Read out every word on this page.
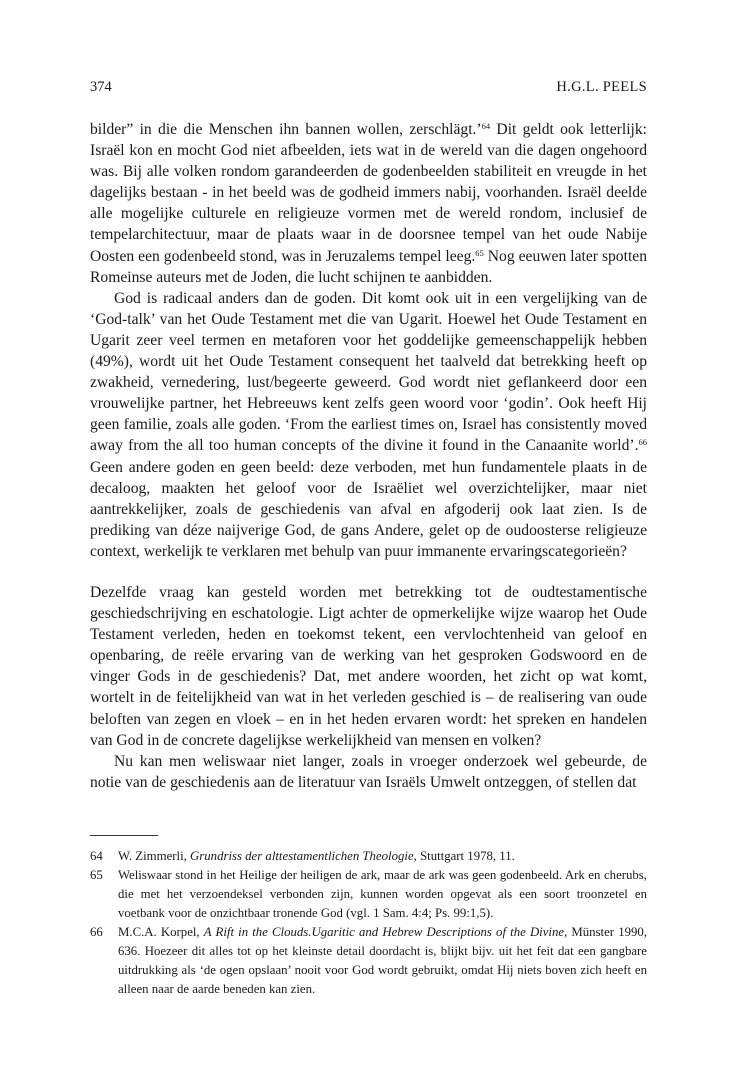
374	H.G.L. PEELS

bilder” in die die Menschen ihn bannen wollen, zerschlägt.’$^{64}$ Dit geldt ook letterlijk: Israël kon en mocht God niet afbeelden, iets wat in de wereld van die dagen ongehoord was. Bij alle volken rondom garandeerden de godenbeelden stabiliteit en vreugde in het dagelijks bestaan - in het beeld was de godheid immers nabij, voorhanden. Israël deelde alle mogelijke culturele en religieuze vormen met de wereld rondom, inclusief de tempelarchitectuur, maar de plaats waar in de doorsnee tempel van het oude Nabije Oosten een godenbeeld stond, was in Jeruzalems tempel leeg.$^{65}$ Nog eeuwen later spotten Romeinse auteurs met de Joden, die lucht schijnen te aanbidden.

God is radicaal anders dan de goden. Dit komt ook uit in een vergelijking van de ‘God-talk’ van het Oude Testament met die van Ugarit. Hoewel het Oude Testament en Ugarit zeer veel termen en metaforen voor het goddelijke gemeenschappelijk hebben (49%), wordt uit het Oude Testament consequent het taalveld dat betrekking heeft op zwakheid, vernedering, lust/begeerte geweerd. God wordt niet geflankeerd door een vrouwelijke partner, het Hebreeuws kent zelfs geen woord voor ‘godin’. Ook heeft Hij geen familie, zoals alle goden. ‘From the earliest times on, Israel has consistently moved away from the all too human concepts of the divine it found in the Canaanite world’.$^{66}$ Geen andere goden en geen beeld: deze verboden, met hun fundamentele plaats in de decaloog, maakten het geloof voor de Israëliet wel overzichtelijker, maar niet aantrekkelijker, zoals de geschiedenis van afval en afgoderij ook laat zien. Is de prediking van déze naijverige God, de gans Andere, gelet op de oudoosterse religieuze context, werkelijk te verklaren met behulp van puur immanente ervaringscategorieën?

Dezelfde vraag kan gesteld worden met betrekking tot de oudtestamentische geschiedschrijving en eschatologie. Ligt achter de opmerkelijke wijze waarop het Oude Testament verleden, heden en toekomst tekent, een vervlochtenheid van geloof en openbaring, de reële ervaring van de werking van het gesproken Godswoord en de vinger Gods in de geschiedenis? Dat, met andere woorden, het zicht op wat komt, wortelt in de feitelijkheid van wat in het verleden geschied is – de realisering van oude beloften van zegen en vloek – en in het heden ervaren wordt: het spreken en handelen van God in de concrete dagelijkse werkelijkheid van mensen en volken?

Nu kan men weliswaar niet langer, zoals in vroeger onderzoek wel gebeurde, de notie van de geschiedenis aan de literatuur van Israëls Umwelt ontzeggen, of stellen dat

64	W. Zimmerli, Grundriss der alttestamentlichen Theologie, Stuttgart 1978, 11.
65	Weliswaar stond in het Heilige der heiligen de ark, maar de ark was geen godenbeeld. Ark en cherubs, die met het verzoendeksel verbonden zijn, kunnen worden opgevat als een soort troonzetel en voetbank voor de onzichtbaar tronende God (vgl. 1 Sam. 4:4; Ps. 99:1,5).
66	M.C.A. Korpel, A Rift in the Clouds.Ugaritic and Hebrew Descriptions of the Divine, Münster 1990, 636. Hoezeer dit alles tot op het kleinste detail doordacht is, blijkt bijv. uit het feit dat een gangbare uitdrukking als ‘de ogen opslaan’ nooit voor God wordt gebruikt, omdat Hij niets boven zich heeft en alleen naar de aarde beneden kan zien.
